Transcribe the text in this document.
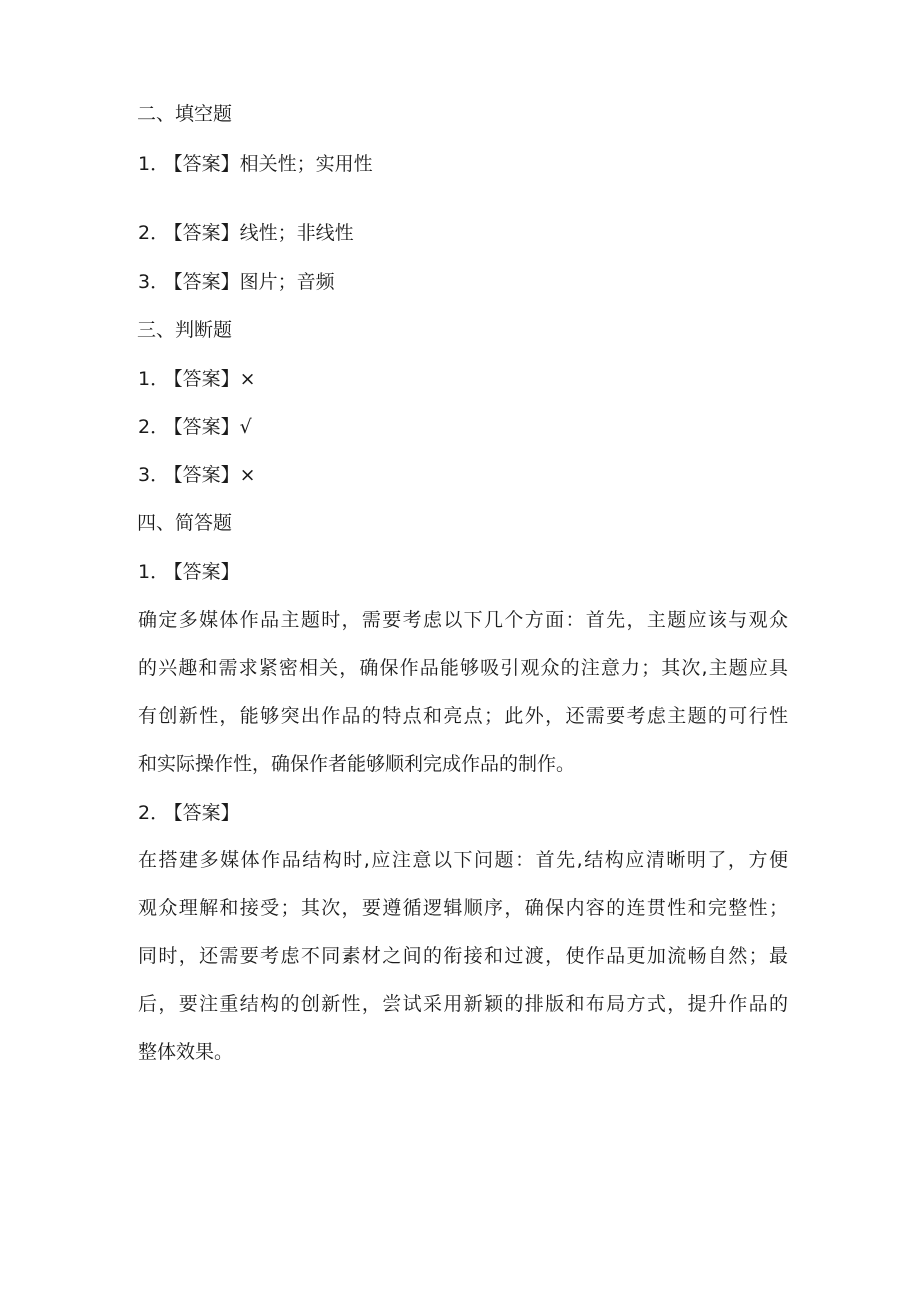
二、填空题
1． 【答案】相关性；实用性
2． 【答案】线性；非线性
3． 【答案】图片；音频
三、判断题
1． 【答案】×
2． 【答案】√
3． 【答案】×
四、简答题
1． 【答案】
确定多媒体作品主题时，需要考虑以下几个方面：首先，主题应该与观众
的兴趣和需求紧密相关，确保作品能够吸引观众的注意力；其次,主题应具
有创新性，能够突出作品的特点和亮点；此外，还需要考虑主题的可行性
和实际操作性，确保作者能够顺利完成作品的制作。
2． 【答案】
在搭建多媒体作品结构时,应注意以下问题：首先,结构应清晰明了，方便
观众理解和接受；其次，要遵循逻辑顺序，确保内容的连贯性和完整性；
同时，还需要考虑不同素材之间的衔接和过渡，使作品更加流畅自然；最
后，要注重结构的创新性，尝试采用新颖的排版和布局方式，提升作品的
整体效果。
